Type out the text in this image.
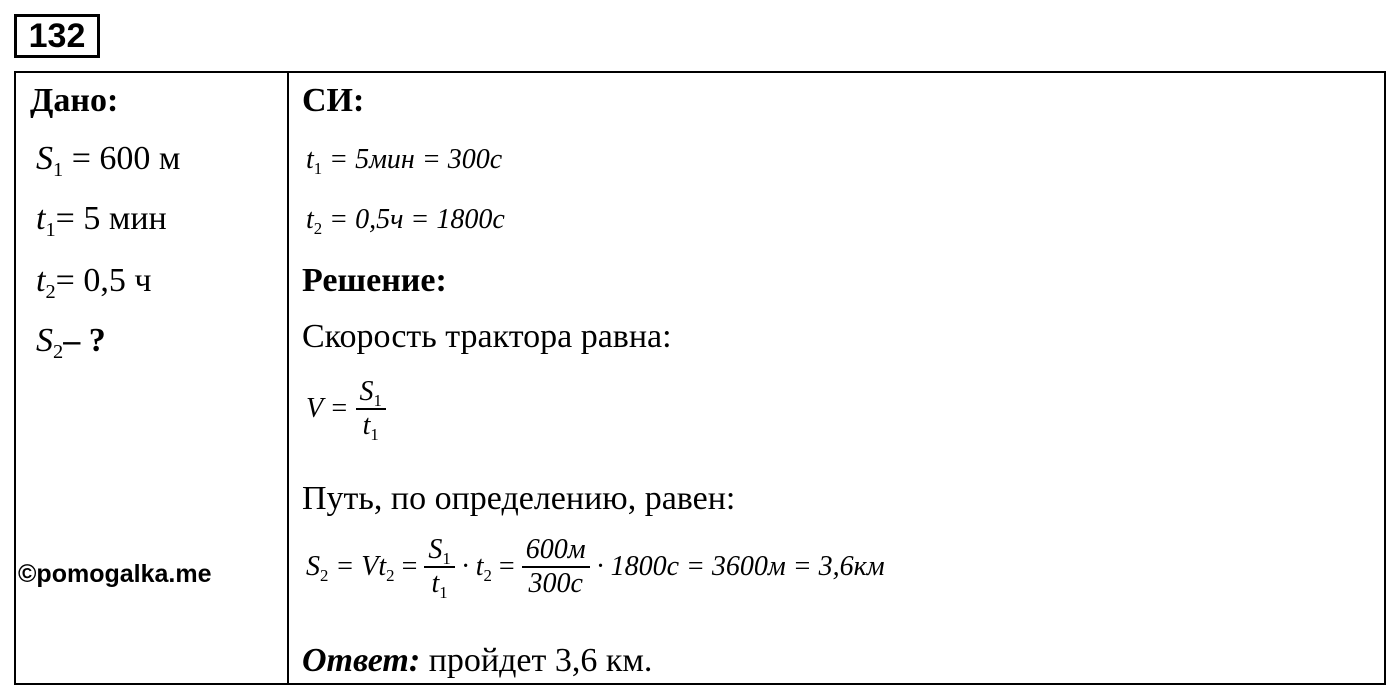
132
Дано:
$S_1 = 600$ м
$t_1= 5$ мин
$t_2= 0,5$ ч
$S_2-$ ?
©pomogalka.me
СИ:
$t_1 = 5мин = 300с$
$t_2 = 0,5ч = 1800с$
Решение:
Скорость трактора равна:
$V = \frac{S_1}{t_1}$
Путь, по определению, равен:
$S_2 = Vt_2 = \frac{S_1}{t_1} \cdot t_2 = \frac{600м}{300с} \cdot 1800с = 3600м = 3,6км$
Ответ: пройдет 3,6 км.
